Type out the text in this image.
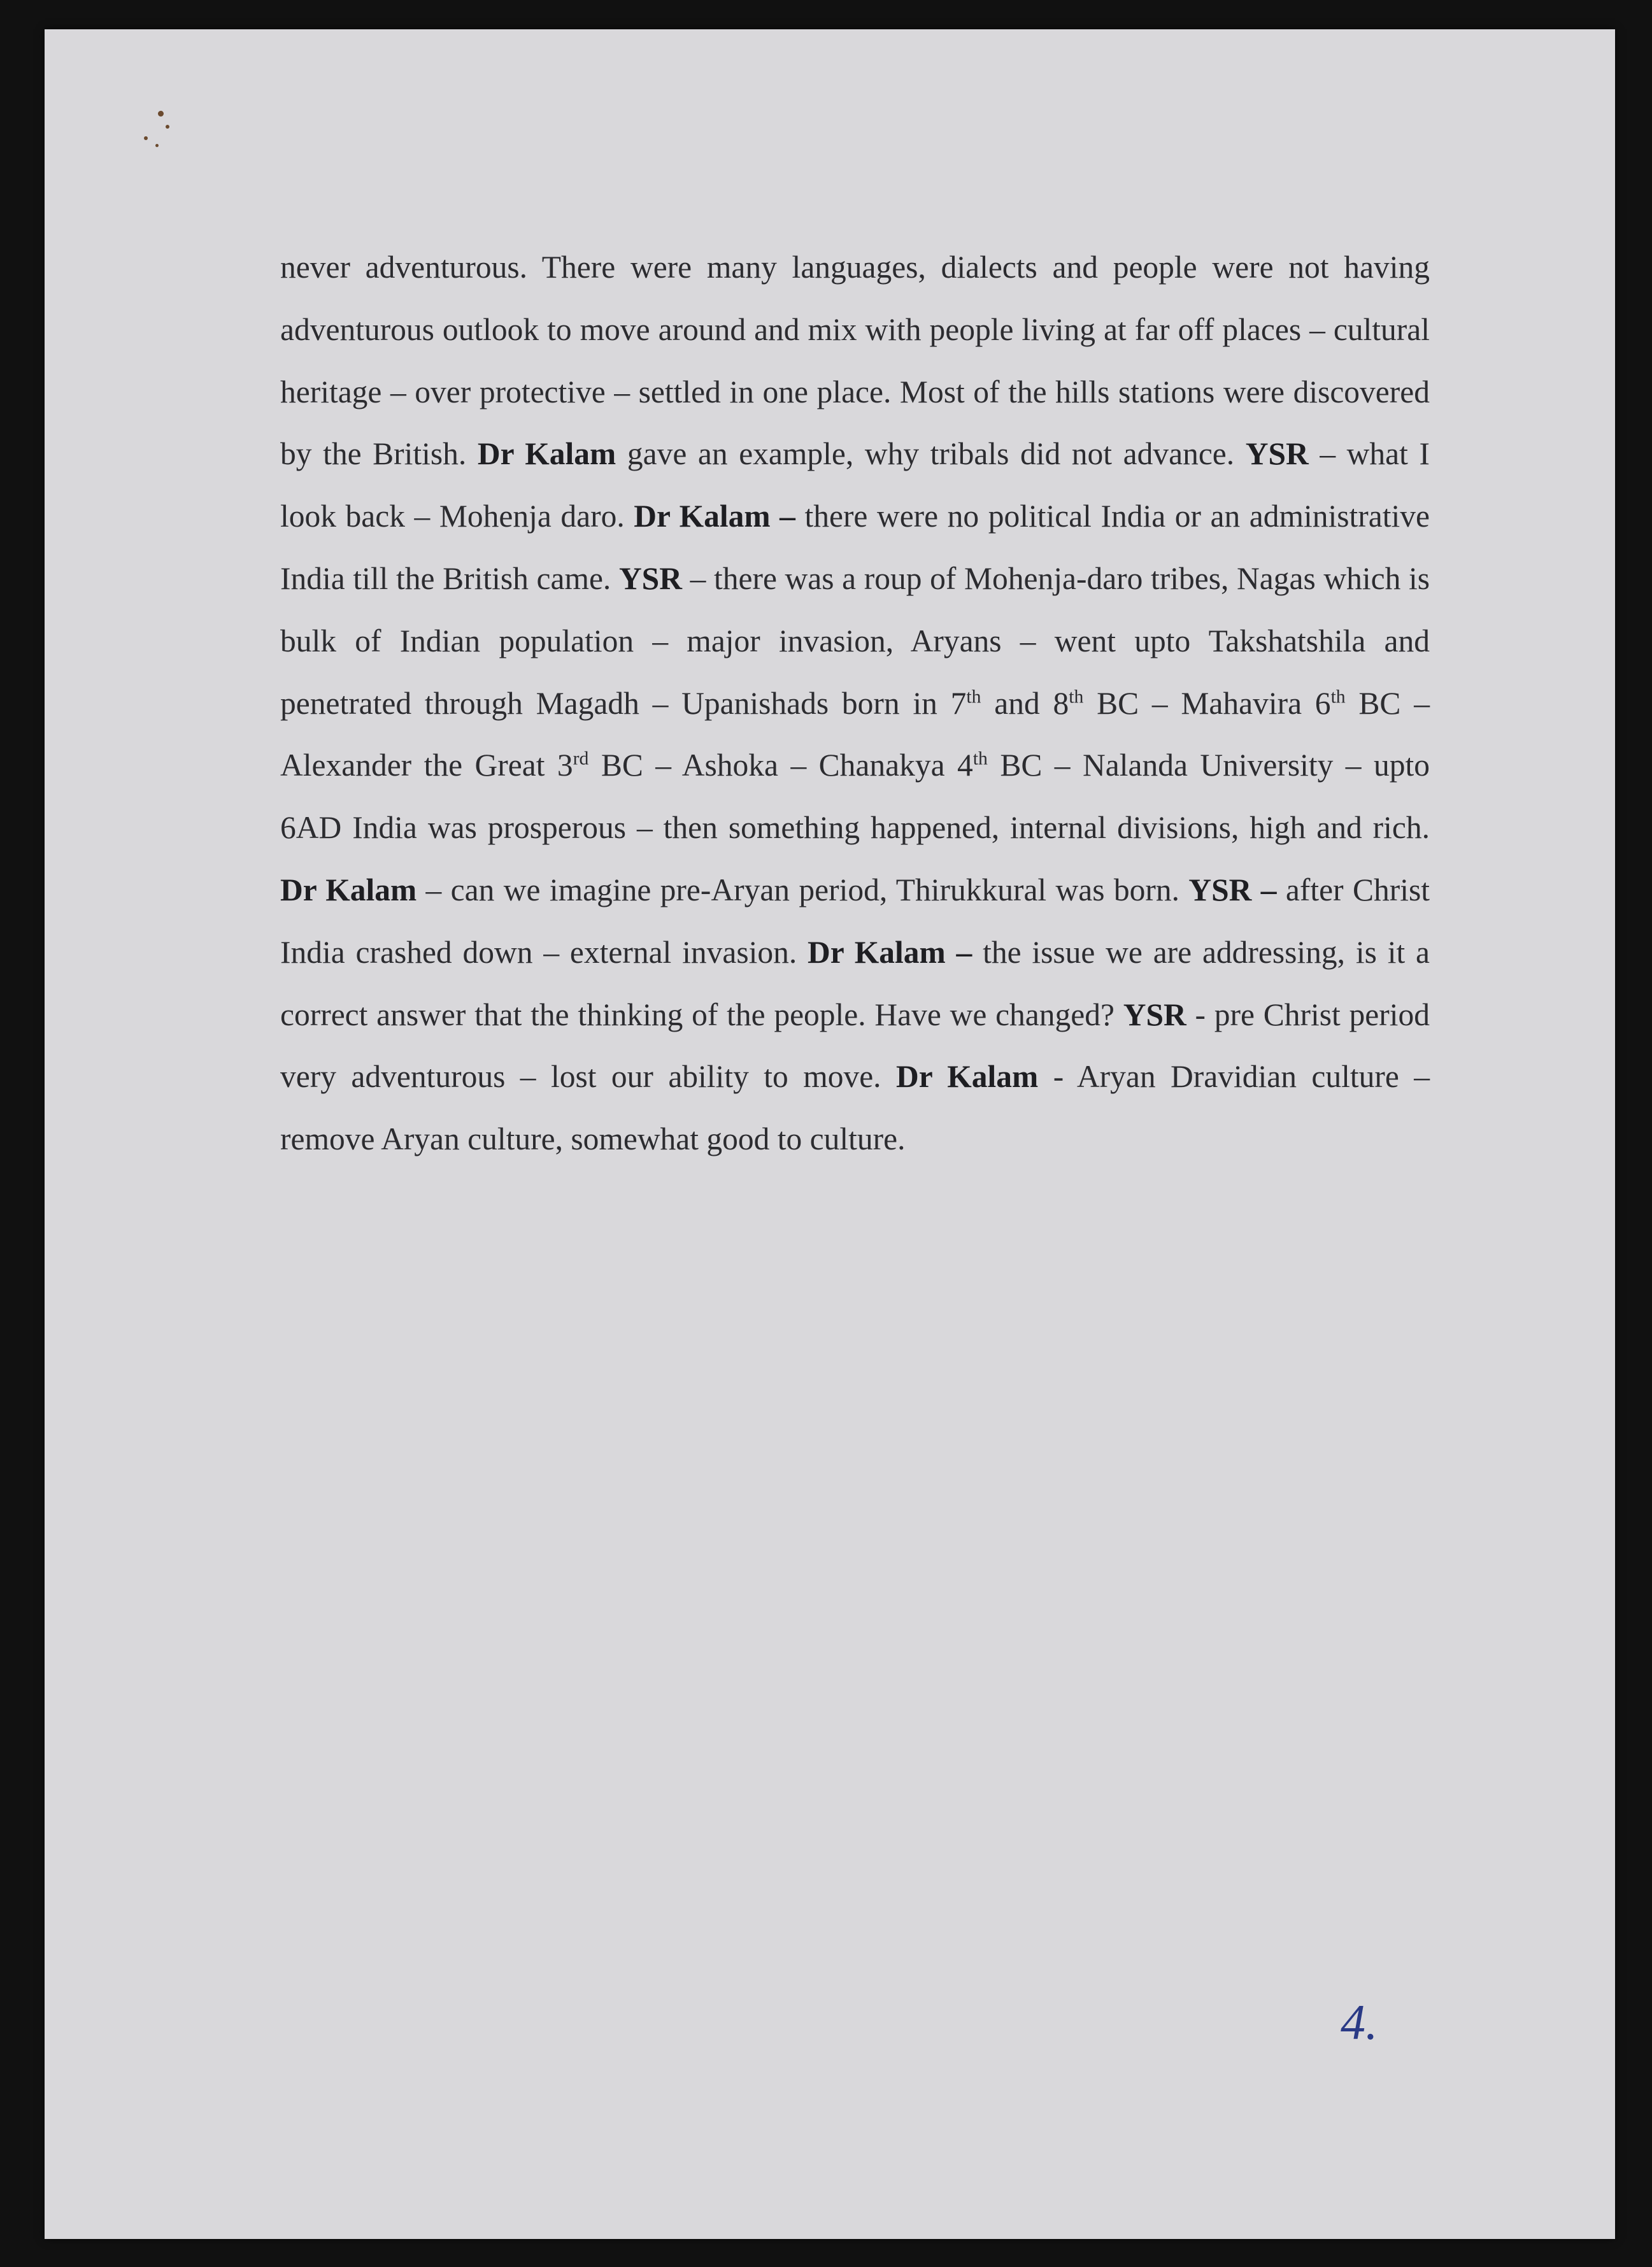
never adventurous. There were many languages, dialects and people were not having adventurous outlook to move around and mix with people living at far off places – cultural heritage – over protective – settled in one place. Most of the hills stations were discovered by the British. Dr Kalam gave an example, why tribals did not advance. YSR – what I look back – Mohenja daro. Dr Kalam – there were no political India or an administrative India till the British came. YSR – there was a roup of Mohenja-daro tribes, Nagas which is bulk of Indian population – major invasion, Aryans – went upto Takshatshila and penetrated through Magadh – Upanishads born in 7th and 8th BC – Mahavira 6th BC – Alexander the Great 3rd BC – Ashoka – Chanakya 4th BC – Nalanda University – upto 6AD India was prosperous – then something happened, internal divisions, high and rich. Dr Kalam – can we imagine pre-Aryan period, Thirukkural was born. YSR – after Christ India crashed down – external invasion. Dr Kalam – the issue we are addressing, is it a correct answer that the thinking of the people. Have we changed? YSR - pre Christ period very adventurous – lost our ability to move. Dr Kalam - Aryan Dravidian culture – remove Aryan culture, somewhat good to culture.

4.
